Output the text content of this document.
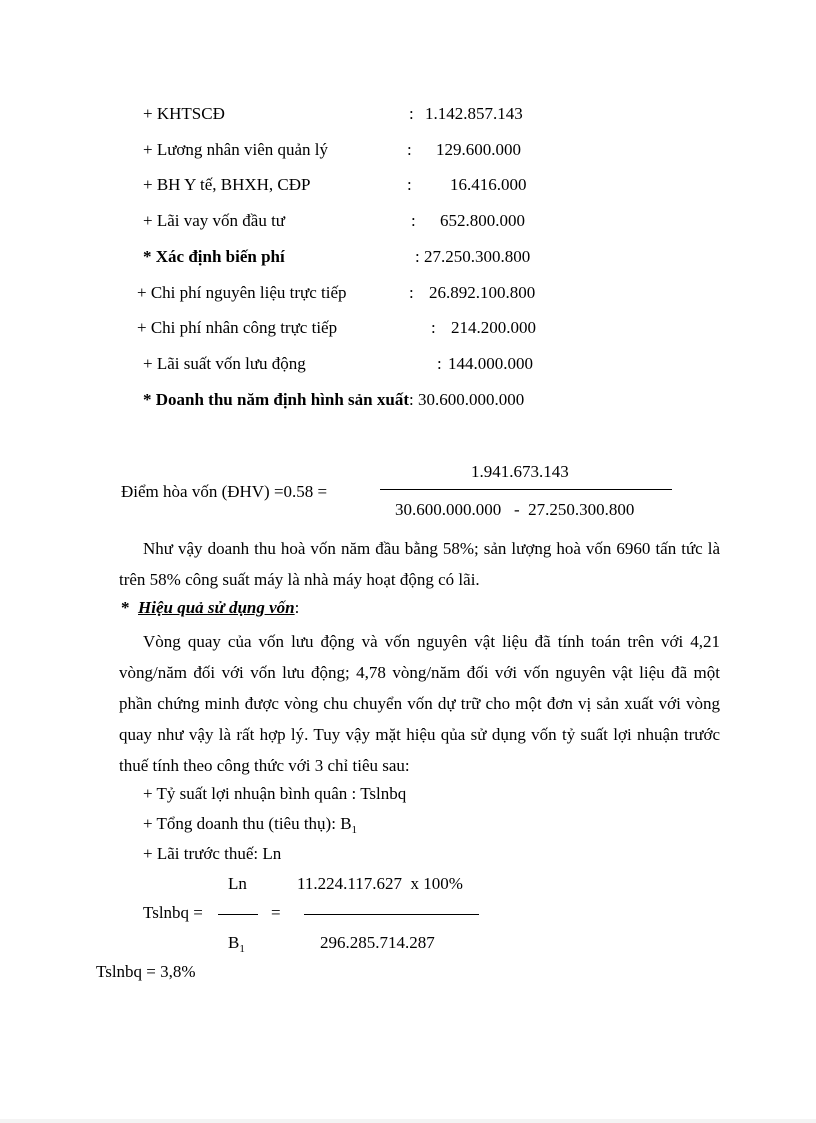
+ KHTSCĐ	: 1.142.857.143
+ Lương nhân viên quản lý	: 129.600.000
+ BH Y tế, BHXH, CĐP	: 16.416.000
+ Lãi vay vốn đầu tư	: 652.800.000
* Xác định biến phí	: 27.250.300.800
+ Chi phí nguyên liệu trực tiếp	: 26.892.100.800
+ Chi phí nhân công trực tiếp	: 214.200.000
+ Lãi suất vốn lưu động	: 144.000.000
* Doanh thu năm định hình sản xuất: 30.600.000.000
1.941.673.143
Điểm hòa vốn (ĐHV) =0.58 =
30.600.000.000   -  27.250.300.800
Như vậy doanh thu hoà vốn năm đầu bằng 58%; sản lượng hoà vốn 6960 tấn tức là trên 58% công suất máy là nhà máy hoạt động có lãi.
* Hiệu quả sử dụng vốn:
Vòng quay của vốn lưu động và vốn nguyên vật liệu đã tính toán trên với 4,21 vòng/năm đối với vốn lưu động; 4,78 vòng/năm đối với vốn nguyên vật liệu đã một phần chứng minh được vòng chu chuyển vốn dự trữ cho một đơn vị sản xuất với vòng quay như vậy là rất hợp lý. Tuy vậy mặt hiệu qủa sử dụng vốn tỷ suất lợi nhuận trước thuế tính theo công thức với 3 chỉ tiêu sau:
+ Tỷ suất lợi nhuận bình quân : Tslnbq
+ Tổng doanh thu (tiêu thụ): $B_1$
+ Lãi trước thuế: Ln
Ln	11.224.117.627  x 100%
Tslnbq =	=
$B_1$	296.285.714.287
Tslnbq = 3,8%
